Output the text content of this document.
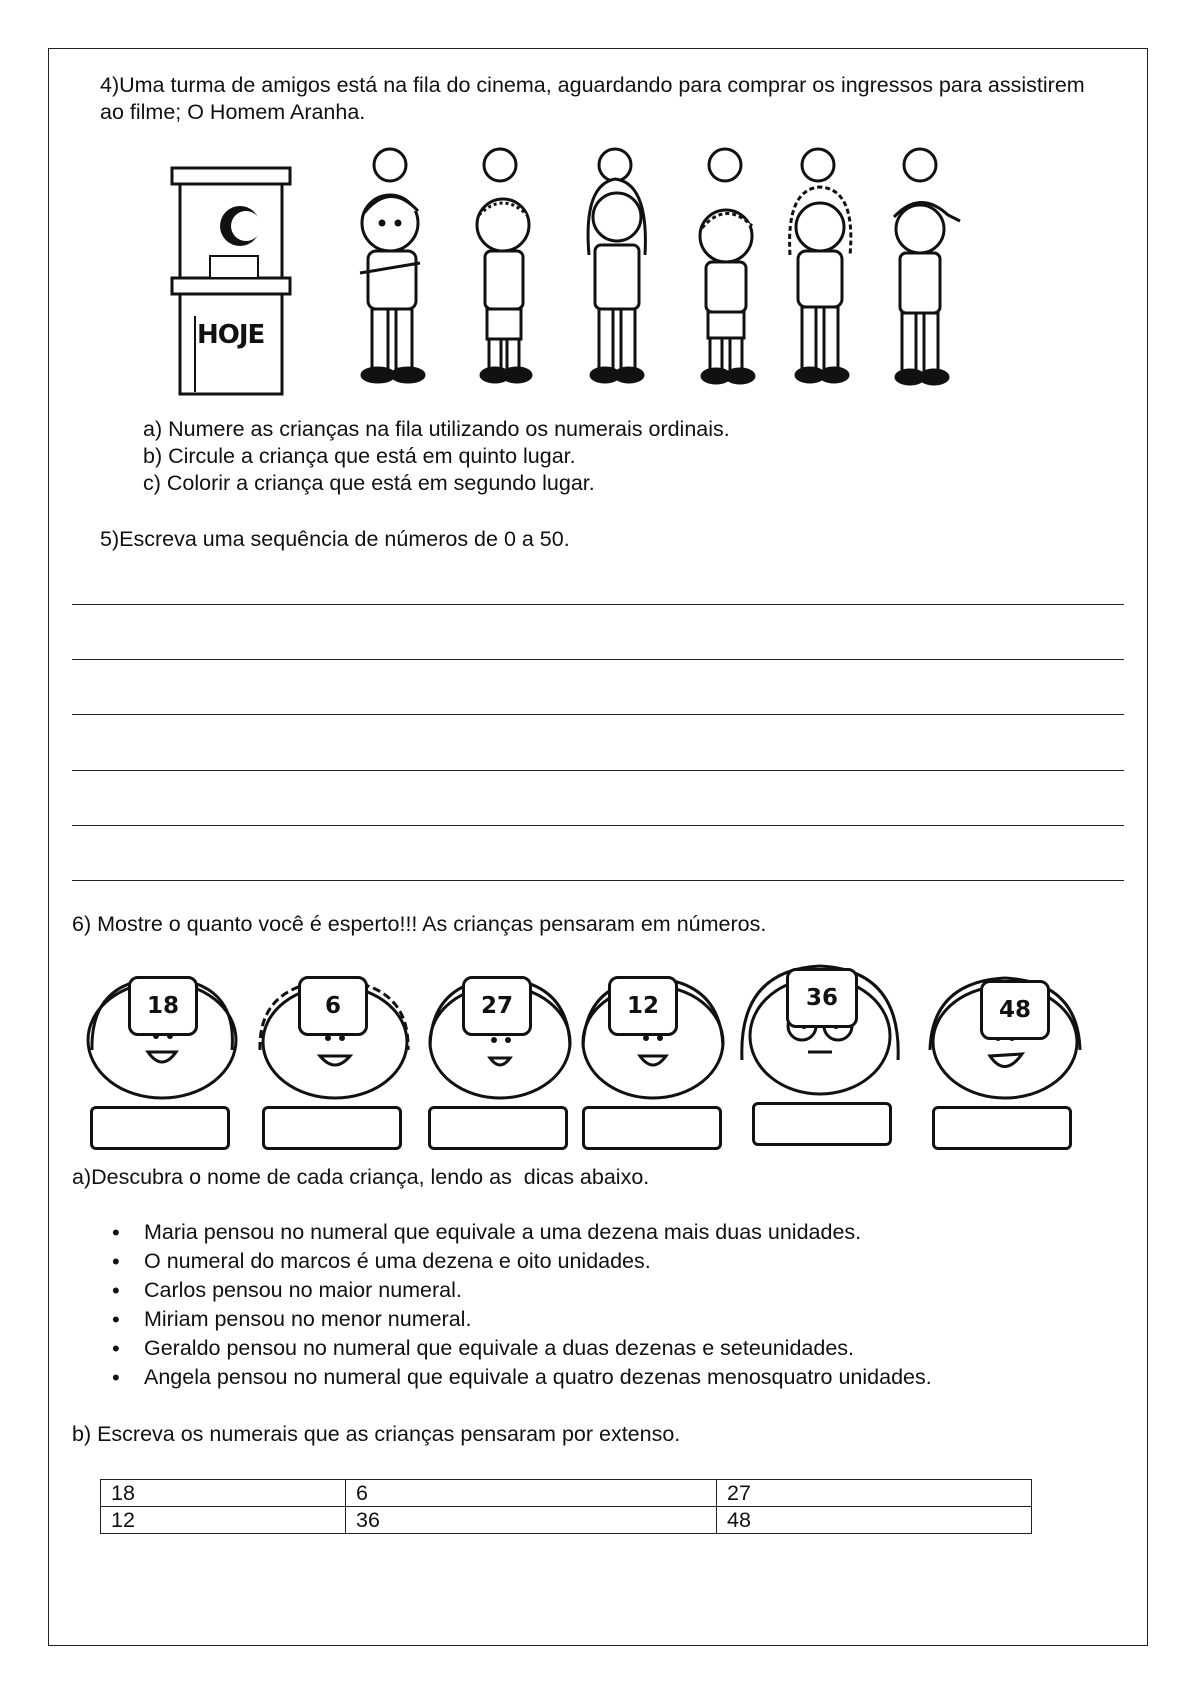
4)Uma turma de amigos está na fila do cinema, aguardando para comprar os ingressos para assistirem ao filme; O Homem Aranha.
HOJE
a) Numere as crianças na fila utilizando os numerais ordinais.
b) Circule a criança que está em quinto lugar.
c) Colorir a criança que está em segundo lugar.
5)Escreva uma sequência de números de 0 a 50.
6) Mostre o quanto você é esperto!!! As crianças pensaram em números.
18	6	27	12	36	48
a)Descubra o nome de cada criança, lendo as  dicas abaixo.
• Maria pensou no numeral que equivale a uma dezena mais duas unidades.
• O numeral do marcos é uma dezena e oito unidades.
• Carlos pensou no maior numeral.
• Miriam pensou no menor numeral.
• Geraldo pensou no numeral que equivale a duas dezenas e seteunidades.
• Angela pensou no numeral que equivale a quatro dezenas menosquatro unidades.
b) Escreva os numerais que as crianças pensaram por extenso.
18	6	27
12	36	48
